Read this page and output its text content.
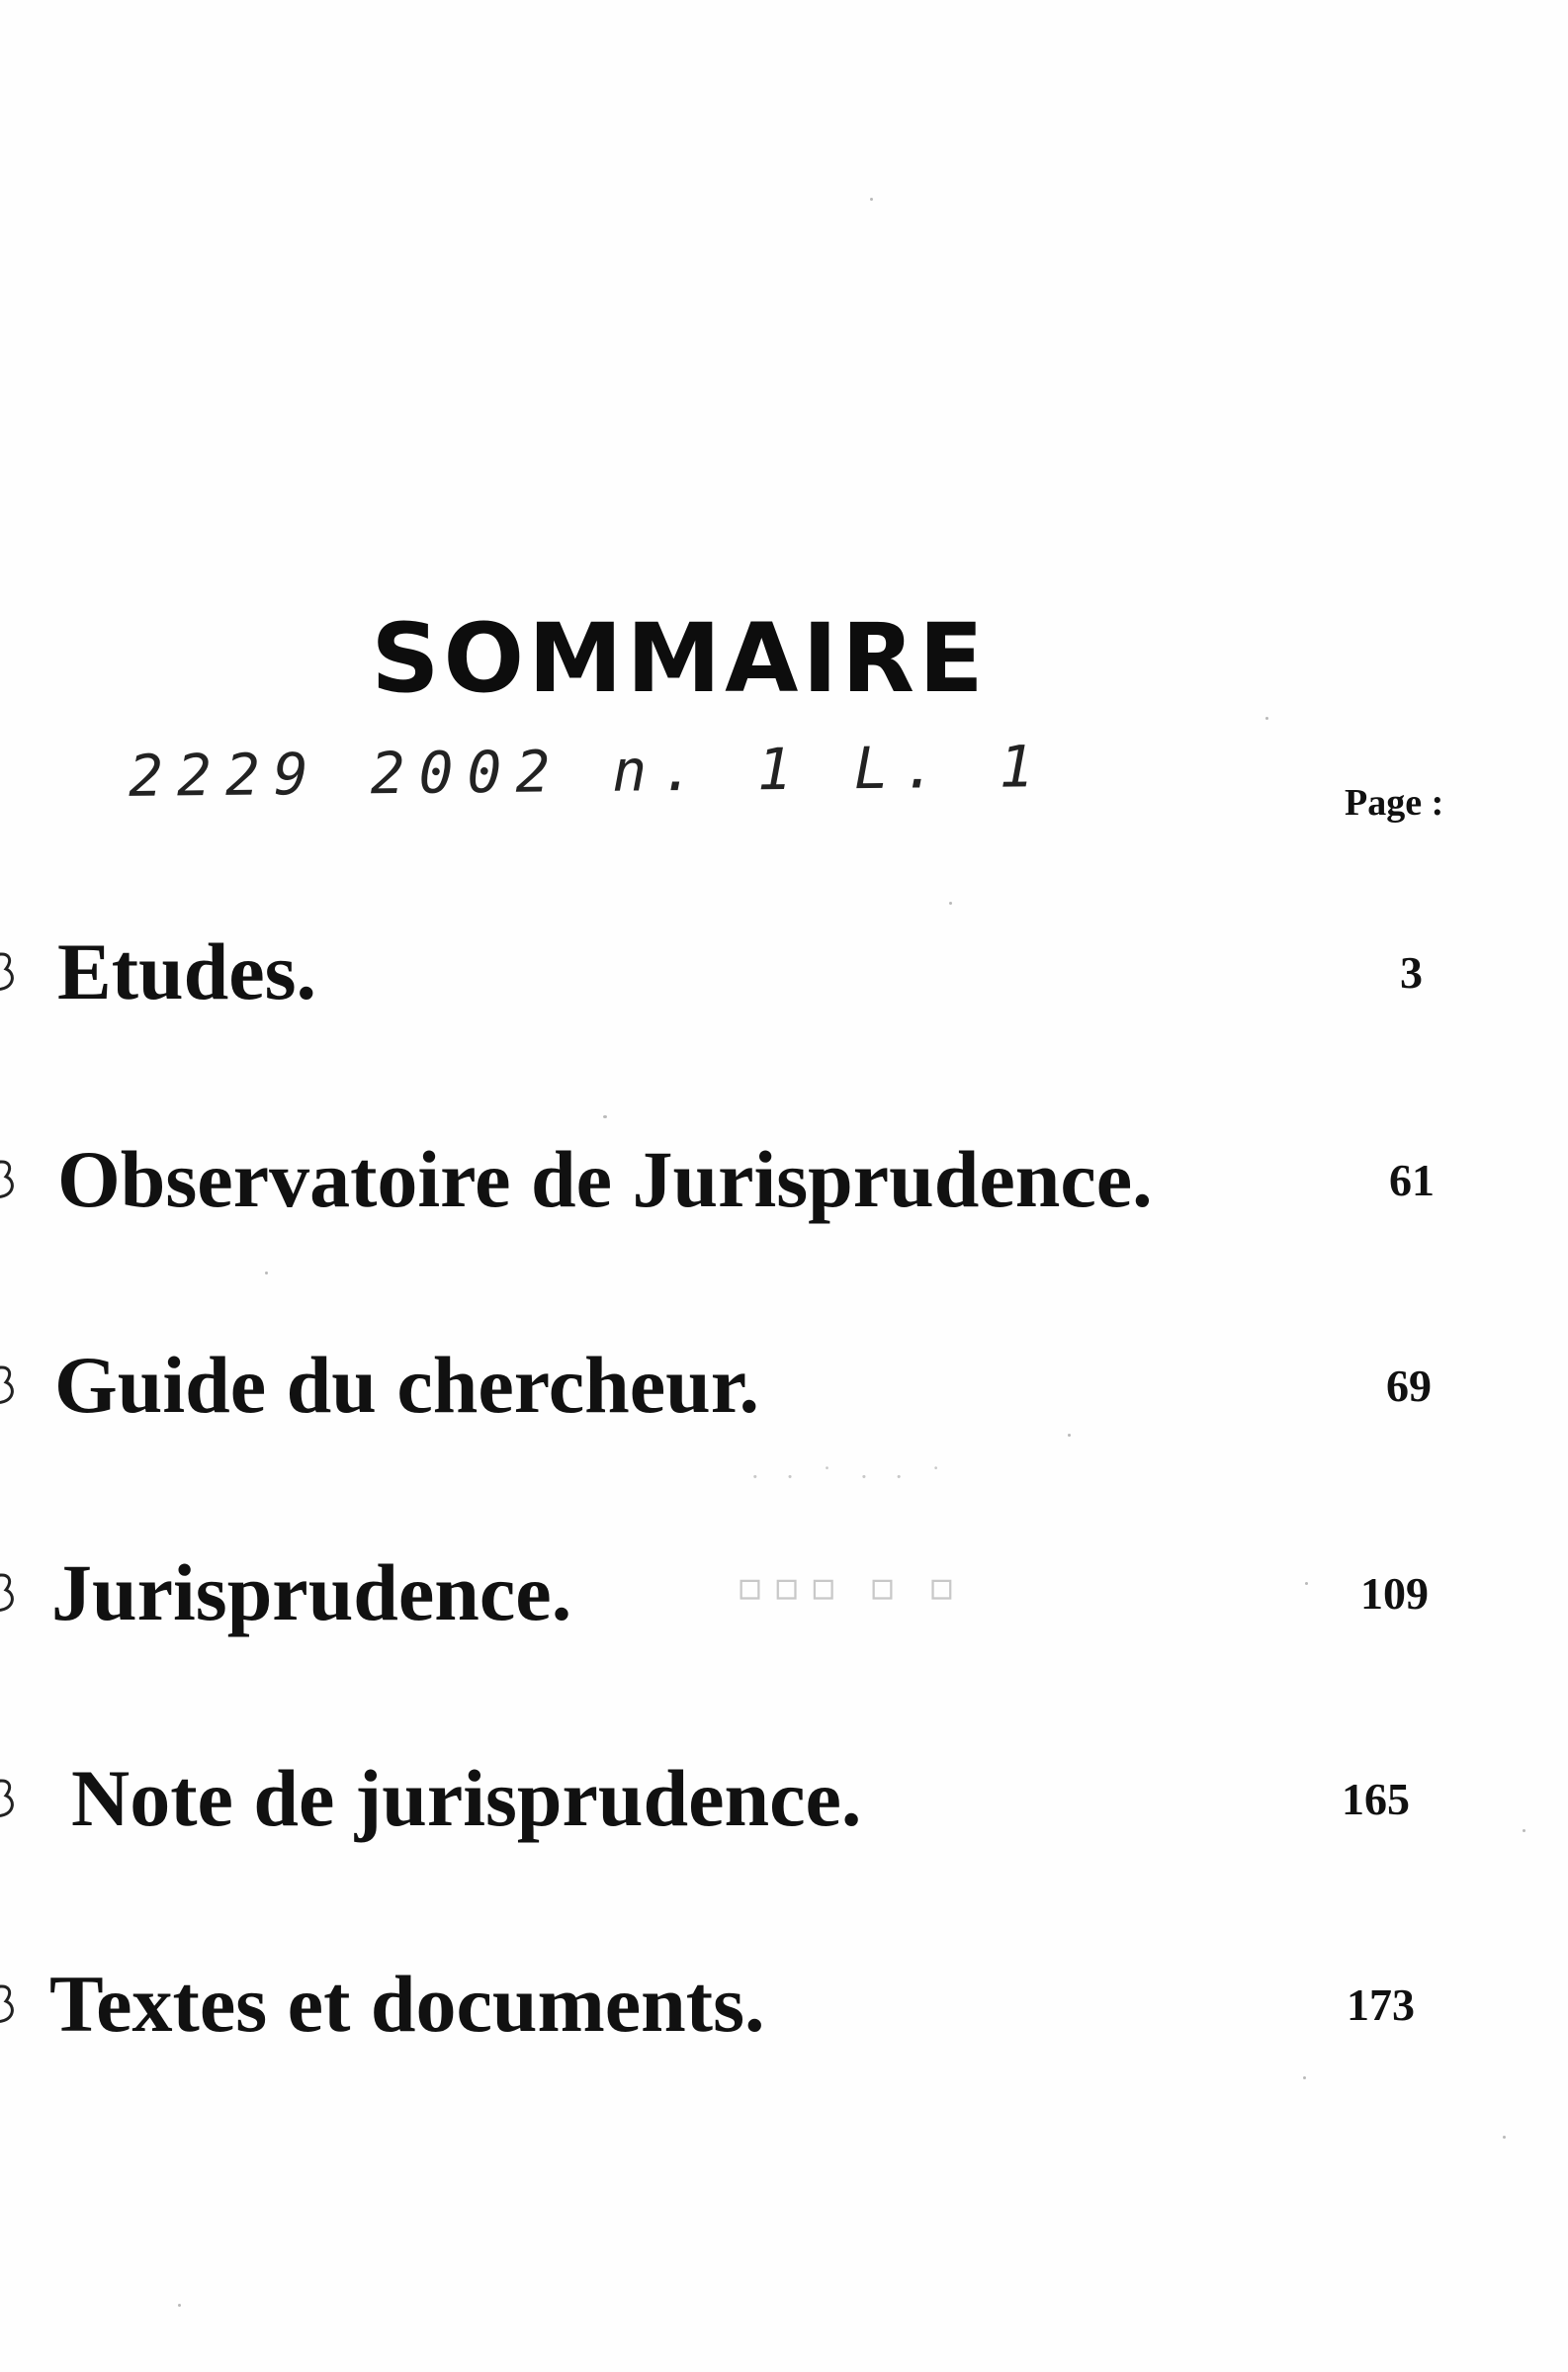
SOMMAIRE
2229 2002 n. 1 L. 1	Page :
Etudes.	3
Observatoire de Jurisprudence.	61
Guide du chercheur.	69
Jurisprudence.	109
Note de jurisprudence.	165
Textes et documents.	173
▫︎▫︎▫︎ ▫︎ ▫︎
· · ˙ · · ˙
